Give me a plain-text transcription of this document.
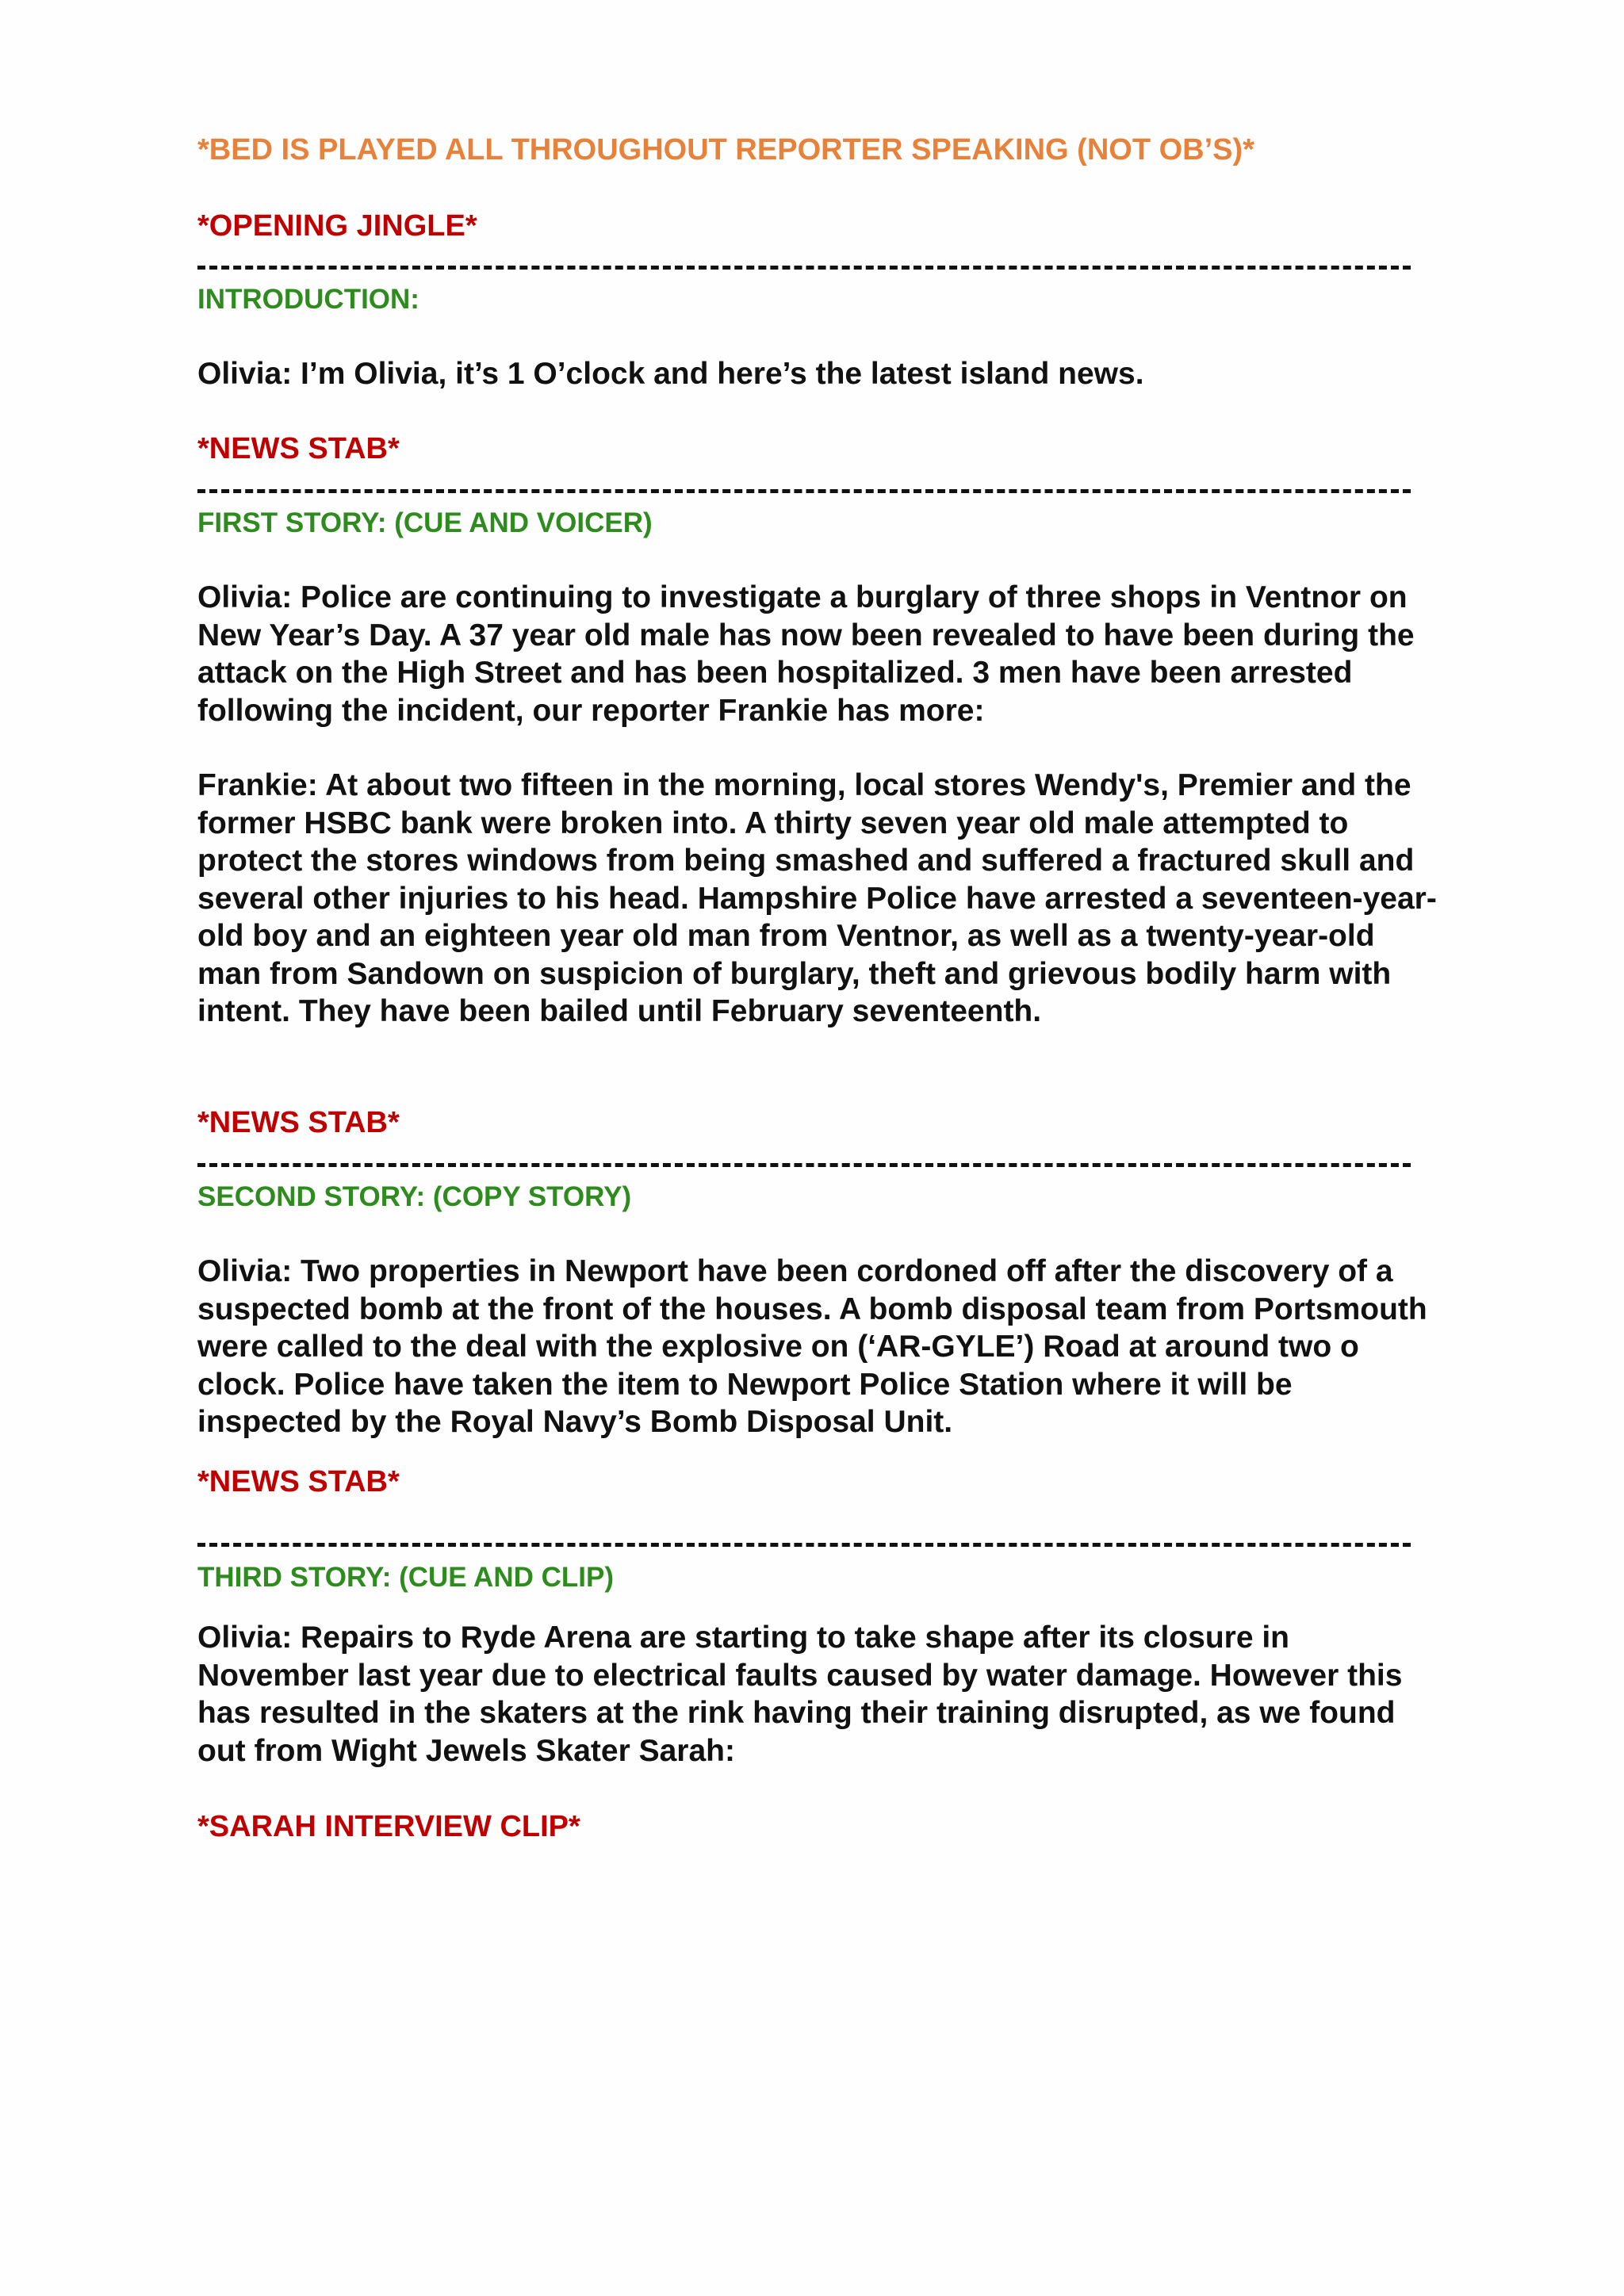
*BED IS PLAYED ALL THROUGHOUT REPORTER SPEAKING (NOT OB’S)*

*OPENING JINGLE*

INTRODUCTION:

Olivia: I’m Olivia, it’s 1 O’clock and here’s the latest island news.

*NEWS STAB*

FIRST STORY: (CUE AND VOICER)

Olivia: Police are continuing to investigate a burglary of three shops in Ventnor on New Year’s Day. A 37 year old male has now been revealed to have been during the attack on the High Street and has been hospitalized. 3 men have been arrested following the incident, our reporter Frankie has more:

Frankie: At about two fifteen in the morning, local stores Wendy's, Premier and the former HSBC bank were broken into. A thirty seven year old male attempted to protect the stores windows from being smashed and suffered a fractured skull and several other injuries to his head. Hampshire Police have arrested a seventeen-year-old boy and an eighteen year old man from Ventnor, as well as a twenty-year-old man from Sandown on suspicion of burglary, theft and grievous bodily harm with intent. They have been bailed until February seventeenth.

*NEWS STAB*

SECOND STORY: (COPY STORY)

Olivia: Two properties in Newport have been cordoned off after the discovery of a suspected bomb at the front of the houses. A bomb disposal team from Portsmouth were called to the deal with the explosive on (‘AR-GYLE’) Road at around two o clock. Police have taken the item to Newport Police Station where it will be inspected by the Royal Navy’s Bomb Disposal Unit.

*NEWS STAB*

THIRD STORY: (CUE AND CLIP)

Olivia: Repairs to Ryde Arena are starting to take shape after its closure in November last year due to electrical faults caused by water damage. However this has resulted in the skaters at the rink having their training disrupted, as we found out from Wight Jewels Skater Sarah:

*SARAH INTERVIEW CLIP*
